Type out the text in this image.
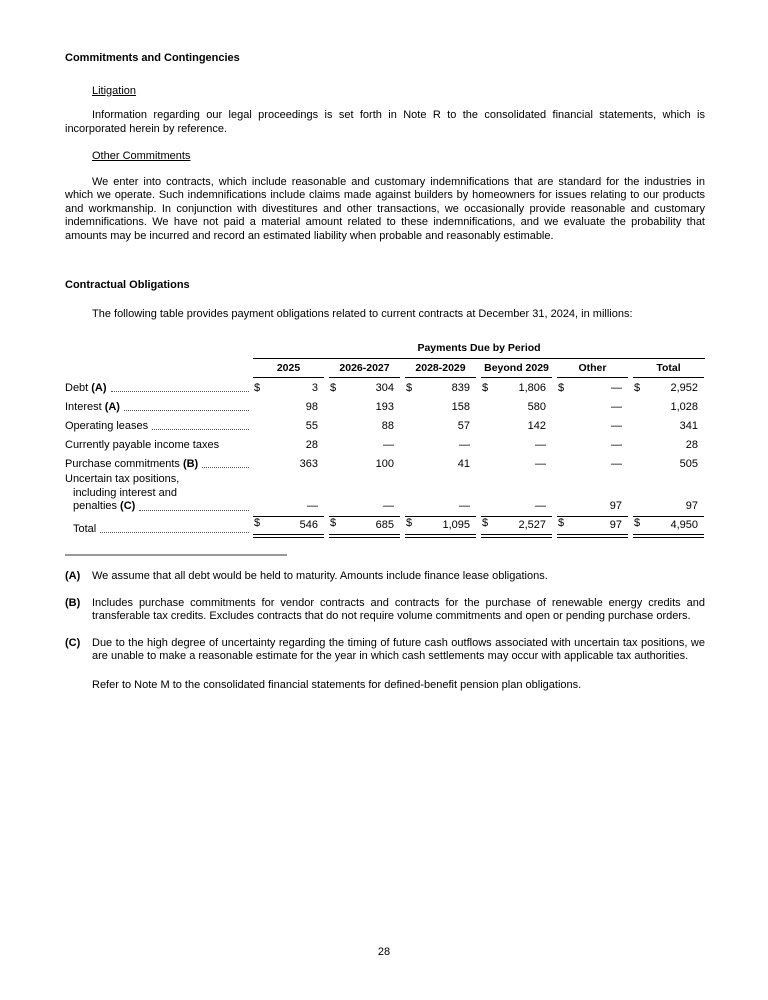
Commitments and Contingencies
Litigation

Information regarding our legal proceedings is set forth in Note R to the consolidated financial statements, which is incorporated herein by reference.

Other Commitments

We enter into contracts, which include reasonable and customary indemnifications that are standard for the industries in which we operate. Such indemnifications include claims made against builders by homeowners for issues relating to our products and workmanship. In conjunction with divestitures and other transactions, we occasionally provide reasonable and customary indemnifications. We have not paid a material amount related to these indemnifications, and we evaluate the probability that amounts may be incurred and record an estimated liability when probable and reasonably estimable.

Contractual Obligations

The following table provides payment obligations related to current contracts at December 31, 2024, in millions:

Payments Due by Period
2025	2026-2027	2028-2029	Beyond 2029	Other	Total
Debt (A)	$	3	$	304	$	839	$	1,806	$	—	$	2,952
Interest (A)	98	193	158	580	—	1,028
Operating leases	55	88	57	142	—	341
Currently payable income taxes	28	—	—	—	—	28
Purchase commitments (B)	363	100	41	—	—	505
Uncertain tax positions,
including interest and
penalties (C)	—	—	—	—	97	97
Total	$	546	$	685	$	1,095	$	2,527	$	97	$	4,950
(A)	We assume that all debt would be held to maturity. Amounts include finance lease obligations.
(B)	Includes purchase commitments for vendor contracts and contracts for the purchase of renewable energy credits and transferable tax credits. Excludes contracts that do not require volume commitments and open or pending purchase orders.
(C)	Due to the high degree of uncertainty regarding the timing of future cash outflows associated with uncertain tax positions, we are unable to make a reasonable estimate for the year in which cash settlements may occur with applicable tax authorities.

Refer to Note M to the consolidated financial statements for defined-benefit pension plan obligations.

28
